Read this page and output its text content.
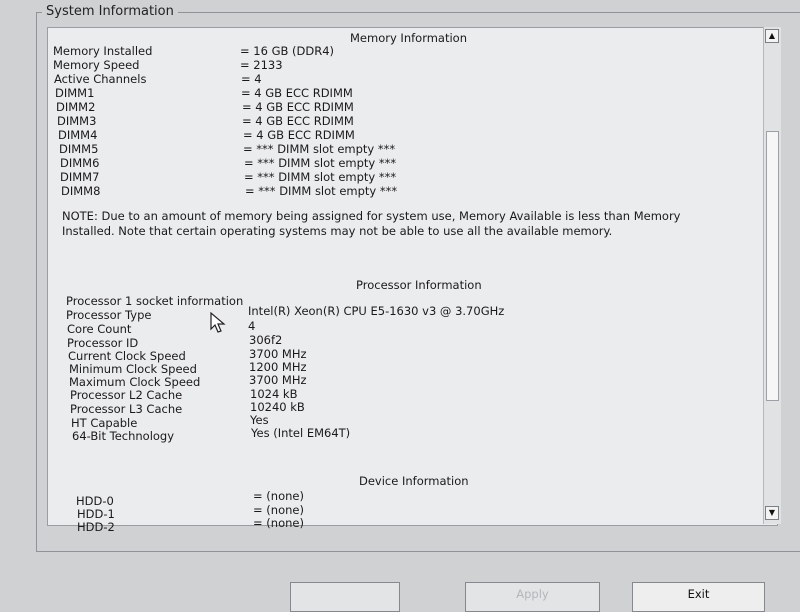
System Information
Memory Information
Memory Installed	= 16 GB (DDR4)
Memory Speed	= 2133
Active Channels	= 4
DIMM1	= 4 GB ECC RDIMM
DIMM2	= 4 GB ECC RDIMM
DIMM3	= 4 GB ECC RDIMM
DIMM4	= 4 GB ECC RDIMM
DIMM5	= *** DIMM slot empty ***
DIMM6	= *** DIMM slot empty ***
DIMM7	= *** DIMM slot empty ***
DIMM8	= *** DIMM slot empty ***
NOTE: Due to an amount of memory being assigned for system use, Memory Available is less than Memory Installed. Note that certain operating systems may not be able to use all the available memory.
Processor Information
Processor 1 socket information
Processor Type	Intel(R) Xeon(R) CPU E5-1630 v3 @ 3.70GHz
Core Count	4
Processor ID	306f2
Current Clock Speed	3700 MHz
Minimum Clock Speed	1200 MHz
Maximum Clock Speed	3700 MHz
Processor L2 Cache	1024 kB
Processor L3 Cache	10240 kB
HT Capable	Yes
64-Bit Technology	Yes (Intel EM64T)
Device Information
HDD-0	= (none)
HDD-1	= (none)
HDD-2	= (none)
▲
▼
Apply	Exit
